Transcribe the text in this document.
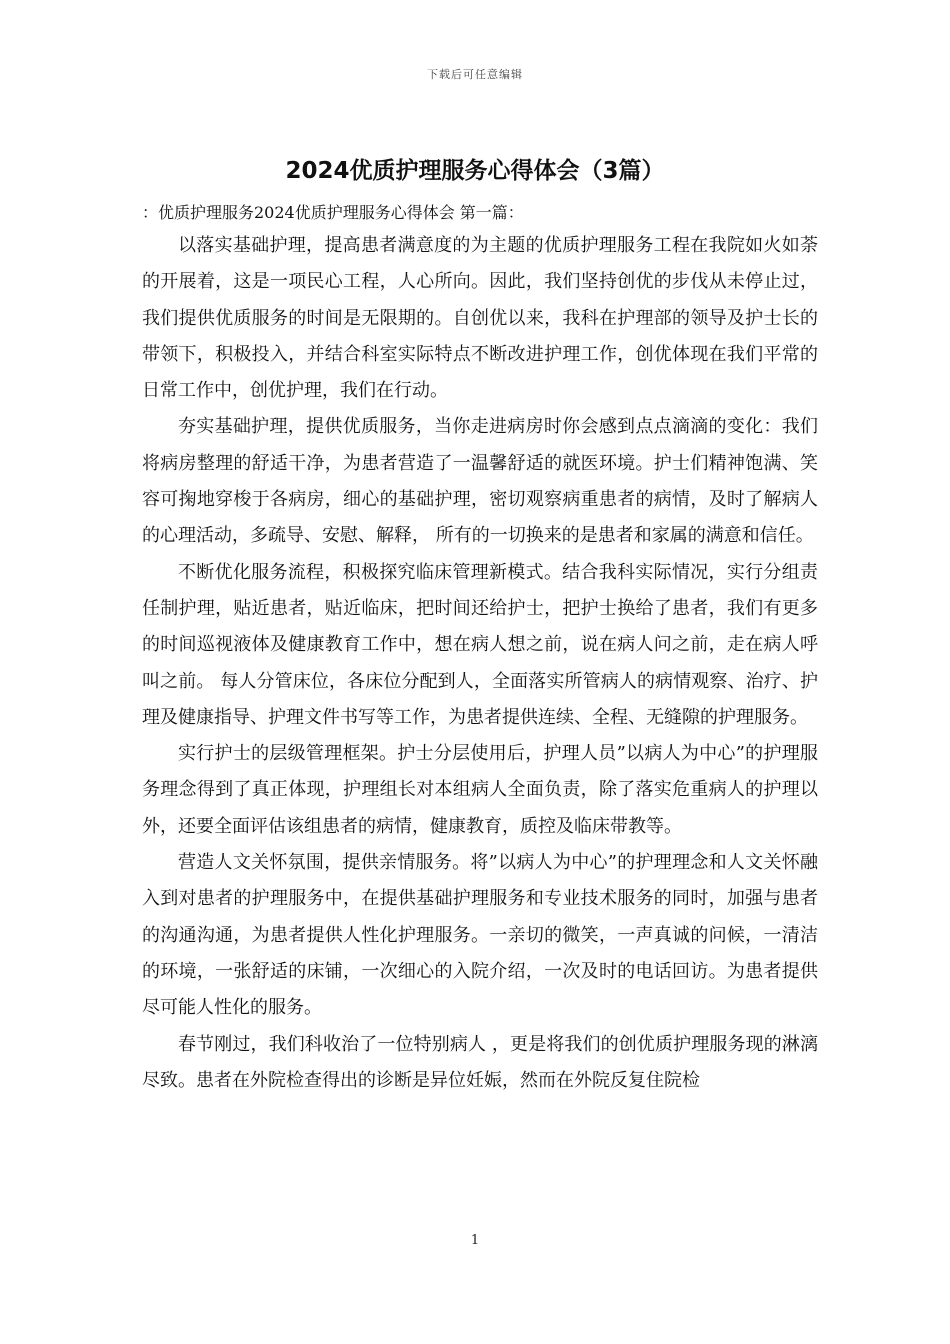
下载后可任意编辑
2024优质护理服务心得体会（3篇）
：优质护理服务2024优质护理服务心得体会 第一篇：

以落实基础护理，提高患者满意度的为主题的优质护理服务工程在我院如火如荼的开展着，这是一项民心工程，人心所向。因此，我们坚持创优的步伐从未停止过，我们提供优质服务的时间是无限期的。自创优以来，我科在护理部的领导及护士长的带领下，积极投入，并结合科室实际特点不断改进护理工作，创优体现在我们平常的日常工作中，创优护理，我们在行动。

夯实基础护理，提供优质服务，当你走进病房时你会感到点点滴滴的变化：我们将病房整理的舒适干净，为患者营造了一温馨舒适的就医环境。护士们精神饱满、笑容可掬地穿梭于各病房，细心的基础护理，密切观察病重患者的病情，及时了解病人的心理活动，多疏导、安慰、解释， 所有的一切换来的是患者和家属的满意和信任。

不断优化服务流程，积极探究临床管理新模式。结合我科实际情况，实行分组责任制护理，贴近患者，贴近临床，把时间还给护士，把护士换给了患者，我们有更多的时间巡视液体及健康教育工作中，想在病人想之前，说在病人问之前，走在病人呼叫之前。 每人分管床位，各床位分配到人，全面落实所管病人的病情观察、治疗、护理及健康指导、护理文件书写等工作，为患者提供连续、全程、无缝隙的护理服务。

实行护士的层级管理框架。护士分层使用后，护理人员”以病人为中心”的护理服务理念得到了真正体现，护理组长对本组病人全面负责，除了落实危重病人的护理以外，还要全面评估该组患者的病情，健康教育，质控及临床带教等。

营造人文关怀氛围，提供亲情服务。将”以病人为中心”的护理理念和人文关怀融入到对患者的护理服务中，在提供基础护理服务和专业技术服务的同时，加强与患者的沟通沟通，为患者提供人性化护理服务。一亲切的微笑，一声真诚的问候，一清洁的环境，一张舒适的床铺，一次细心的入院介绍，一次及时的电话回访。为患者提供尽可能人性化的服务。

春节刚过，我们科收治了一位特别病人 ，更是将我们的创优质护理服务现的淋漓尽致。患者在外院检查得出的诊断是异位妊娠，然而在外院反复住院检

1
